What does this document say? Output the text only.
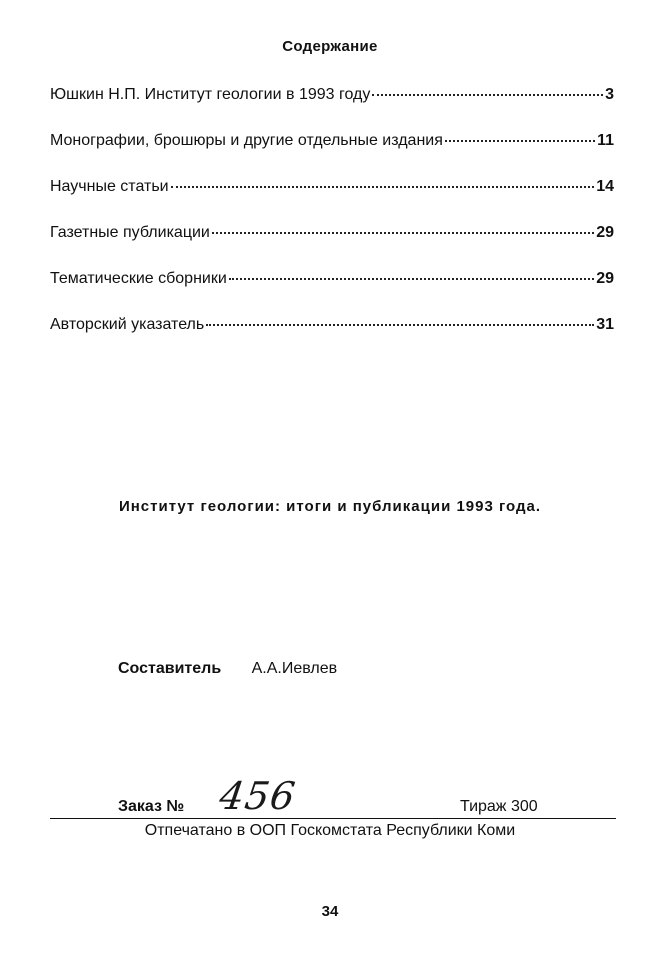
Содержание
Юшкин Н.П. Институт геологии в 1993 году	3
Монографии, брошюры и другие отдельные издания	11
Научные статьи	14
Газетные публикации	29
Тематические сборники	29
Авторский указатель	31
Институт геологии: итоги и публикации 1993 года.
Составитель А.А.Иевлев
Заказ № 456	Тираж 300
Отпечатано в ООП Госкомстата Республики Коми
34
